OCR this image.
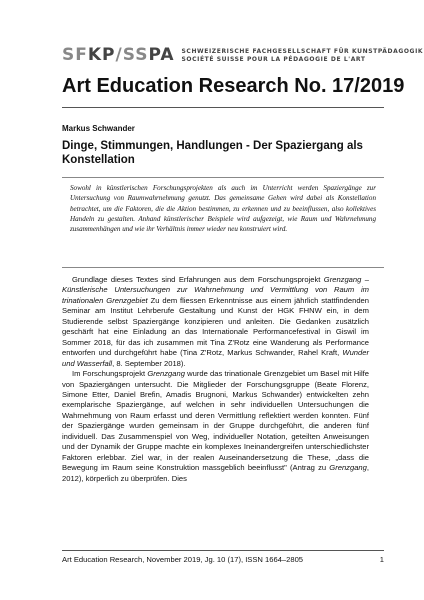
SFKP/SSPA SCHWEIZERISCHE FACHGESELLSCHAFT FÜR KUNSTPÄDAGOGIK
SOCIÉTÉ SUISSE POUR LA PÉDAGOGIE DE L'ART
Art Education Research No. 17/2019
Markus Schwander
Dinge, Stimmungen, Handlungen - Der Spaziergang als Konstellation

Sowohl in künstlerischen Forschungsprojekten als auch im Unterricht werden Spaziergänge zur Untersuchung von Raumwahrnehmung genutzt. Das gemeinsame Gehen wird dabei als Konstellation betrachtet, um die Faktoren, die die Aktion bestimmen, zu erkennen und zu beeinflussen, also kollektives Handeln zu gestalten. Anhand künstlerischer Beispiele wird aufgezeigt, wie Raum und Wahrnehmung zusammenhängen und wie ihr Verhältnis immer wieder neu konstruiert wird.

Grundlage dieses Textes sind Erfahrungen aus dem Forschungsprojekt Grenzgang – Künstlerische Untersuchungen zur Wahrnehmung und Vermittlung von Raum im trinationalen Grenzgebiet Zu dem fliessen Erkenntnisse aus einem jährlich stattfindenden Seminar am Institut Lehrberufe Gestaltung und Kunst der HGK FHNW ein, in dem Studierende selbst Spaziergänge konzipieren und anleiten. Die Gedanken zusätzlich geschärft hat eine Einladung an das Internationale Performancefestival in Giswil im Sommer 2018, für das ich zusammen mit Tina Z'Rotz eine Wanderung als Performance entworfen und durchgeführt habe (Tina Z'Rotz, Markus Schwander, Rahel Kraft, Wunder und Wasserfall, 8. September 2018).

Im Forschungsprojekt Grenzgang wurde das trinationale Grenzgebiet um Basel mit Hilfe von Spaziergängen untersucht. Die Mitglieder der Forschungsgruppe (Beate Florenz, Simone Etter, Daniel Brefin, Amadis Brugnoni, Markus Schwander) entwickelten zehn exemplarische Spaziergänge, auf welchen in sehr individuellen Untersuchungen die Wahrnehmung von Raum erfasst und deren Vermittlung reflektiert werden konnten. Fünf der Spaziergänge wurden gemeinsam in der Gruppe durchgeführt, die anderen fünf individuell. Das Zusammenspiel von Weg, individueller Notation, geteilten Anweisungen und der Dynamik der Gruppe machte ein komplexes Ineinandergreifen unterschiedlichster Faktoren erlebbar. Ziel war, in der realen Auseinandersetzung die These, „dass die Bewegung im Raum seine Konstruktion massgeblich beeinflusst" (Antrag zu Grenzgang, 2012), körperlich zu überprüfen. Dies

Art Education Research, November 2019, Jg. 10 (17), ISSN 1664–2805	1
